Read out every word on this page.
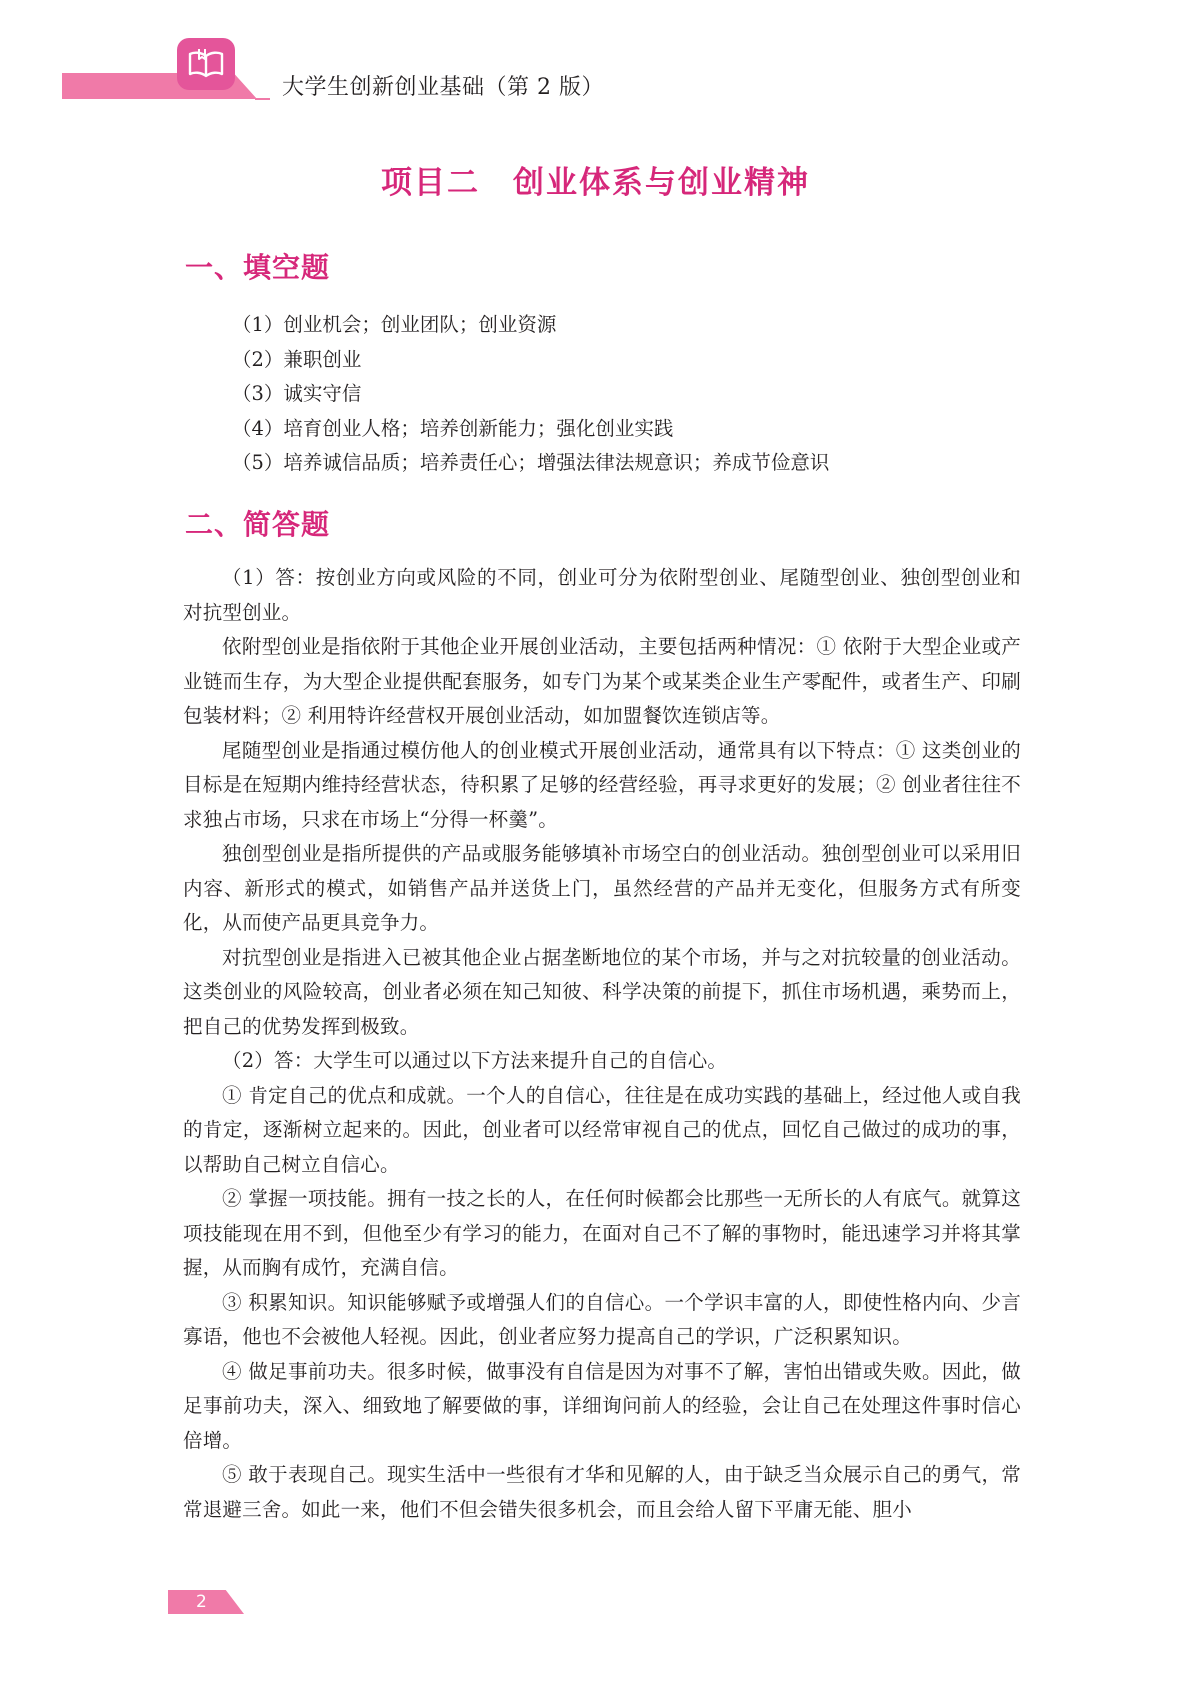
大学生创新创业基础（第 2 版）
项目二　创业体系与创业精神
一、填空题
（1）创业机会；创业团队；创业资源
（2）兼职创业
（3）诚实守信
（4）培育创业人格；培养创新能力；强化创业实践
（5）培养诚信品质；培养责任心；增强法律法规意识；养成节俭意识
二、简答题

（1）答：按创业方向或风险的不同，创业可分为依附型创业、尾随型创业、独创型创业和对抗型创业。

依附型创业是指依附于其他企业开展创业活动，主要包括两种情况：① 依附于大型企业或产业链而生存，为大型企业提供配套服务，如专门为某个或某类企业生产零配件，或者生产、印刷包装材料；② 利用特许经营权开展创业活动，如加盟餐饮连锁店等。

尾随型创业是指通过模仿他人的创业模式开展创业活动，通常具有以下特点：① 这类创业的目标是在短期内维持经营状态，待积累了足够的经营经验，再寻求更好的发展；② 创业者往往不求独占市场，只求在市场上“分得一杯羹”。

独创型创业是指所提供的产品或服务能够填补市场空白的创业活动。独创型创业可以采用旧内容、新形式的模式，如销售产品并送货上门，虽然经营的产品并无变化，但服务方式有所变化，从而使产品更具竞争力。

对抗型创业是指进入已被其他企业占据垄断地位的某个市场，并与之对抗较量的创业活动。这类创业的风险较高，创业者必须在知己知彼、科学决策的前提下，抓住市场机遇，乘势而上，把自己的优势发挥到极致。

（2）答：大学生可以通过以下方法来提升自己的自信心。

① 肯定自己的优点和成就。一个人的自信心，往往是在成功实践的基础上，经过他人或自我的肯定，逐渐树立起来的。因此，创业者可以经常审视自己的优点，回忆自己做过的成功的事，以帮助自己树立自信心。

② 掌握一项技能。拥有一技之长的人，在任何时候都会比那些一无所长的人有底气。就算这项技能现在用不到，但他至少有学习的能力，在面对自己不了解的事物时，能迅速学习并将其掌握，从而胸有成竹，充满自信。

③ 积累知识。知识能够赋予或增强人们的自信心。一个学识丰富的人，即使性格内向、少言寡语，他也不会被他人轻视。因此，创业者应努力提高自己的学识，广泛积累知识。

④ 做足事前功夫。很多时候，做事没有自信是因为对事不了解，害怕出错或失败。因此，做足事前功夫，深入、细致地了解要做的事，详细询问前人的经验，会让自己在处理这件事时信心倍增。

⑤ 敢于表现自己。现实生活中一些很有才华和见解的人，由于缺乏当众展示自己的勇气，常常退避三舍。如此一来，他们不但会错失很多机会，而且会给人留下平庸无能、胆小

2
